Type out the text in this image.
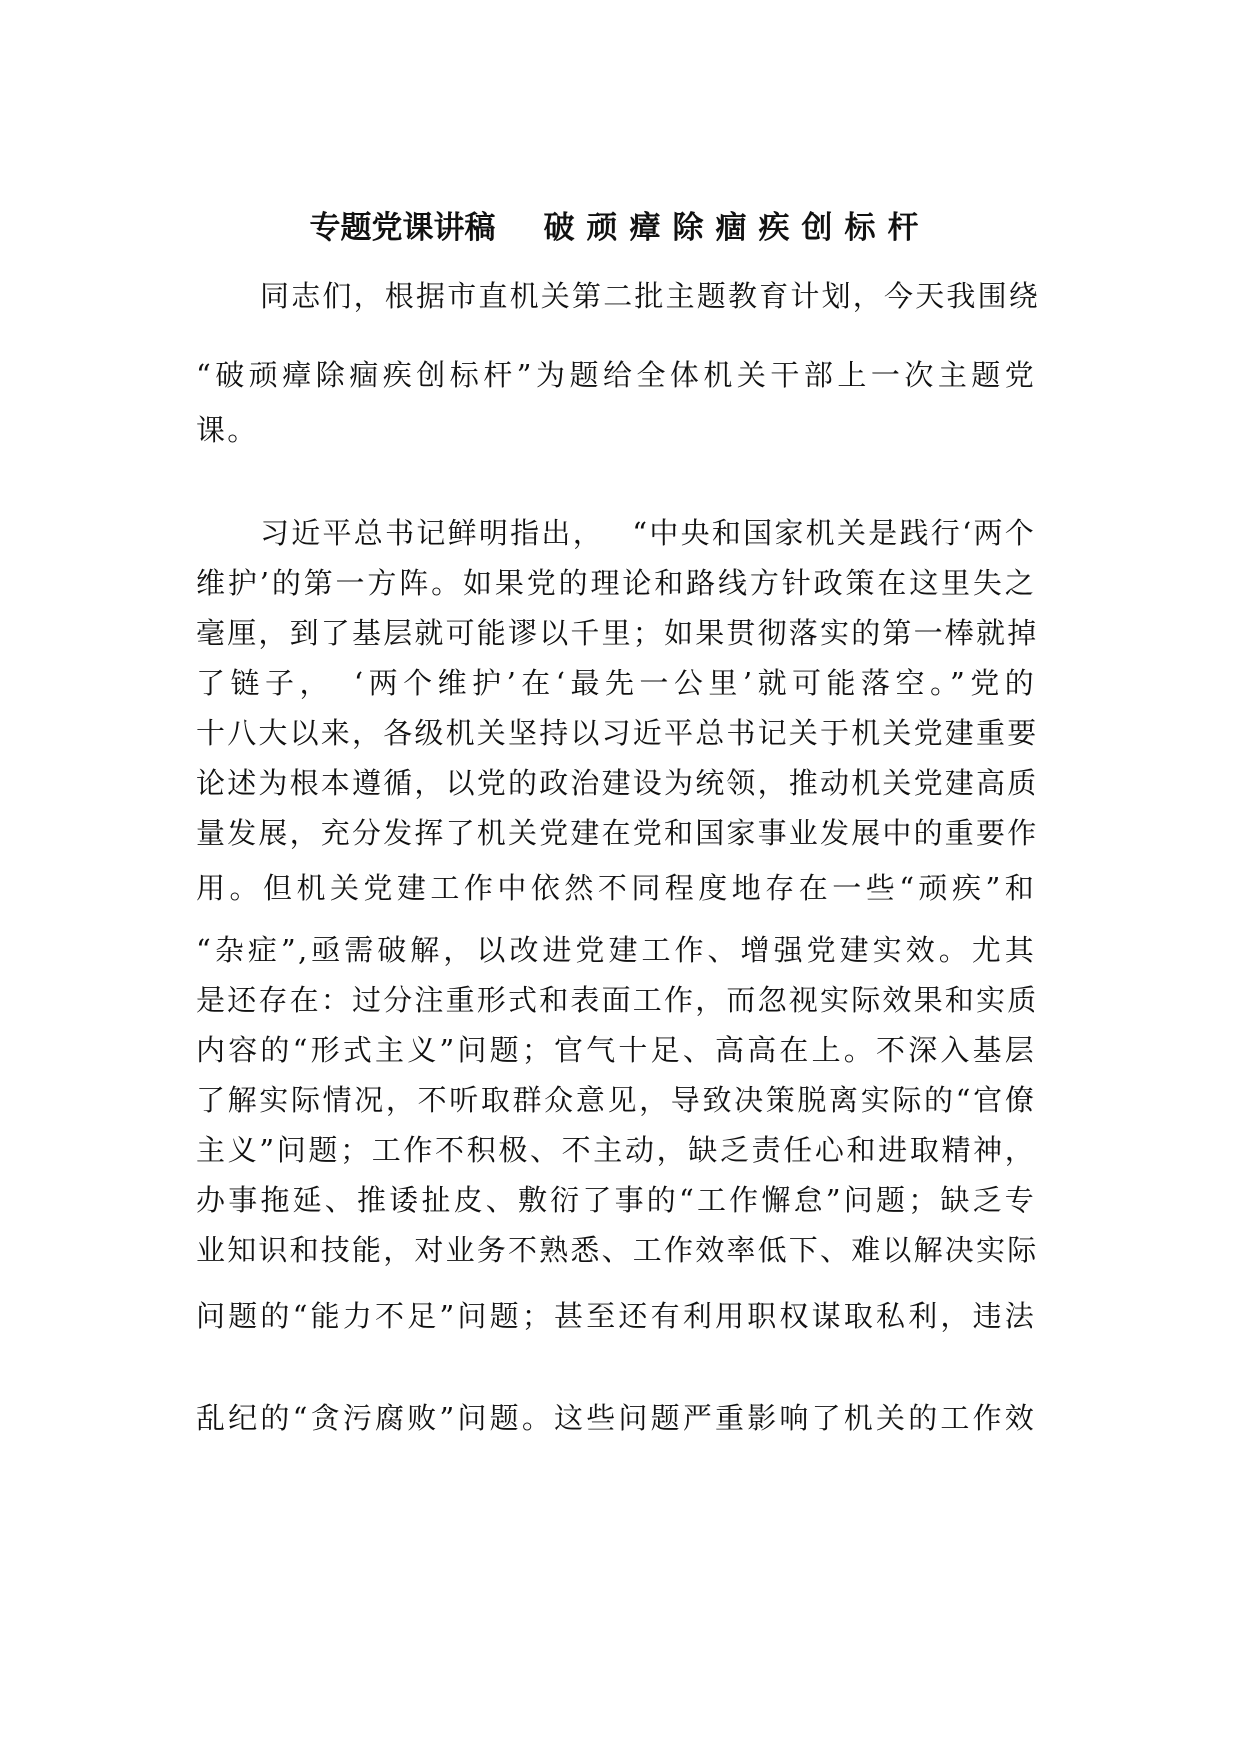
专题党课讲稿 破顽瘴除痼疾创标杆
同志们，根据市直机关第二批主题教育计划，今天我围绕
“破顽瘴除痼疾创标杆”为题给全体机关干部上一次主题党
课。
习近平总书记鲜明指出，　 “中央和国家机关是践行‘两个
维护’的第一方阵。如果党的理论和路线方针政策在这里失之
毫厘，到了基层就可能谬以千里；如果贯彻落实的第一棒就掉
了链子，　‘两个维护’在‘最先一公里’就可能落空。”党的
十八大以来，各级机关坚持以习近平总书记关于机关党建重要
论述为根本遵循，以党的政治建设为统领，推动机关党建高质
量发展，充分发挥了机关党建在党和国家事业发展中的重要作
用。但机关党建工作中依然不同程度地存在一些“顽疾”和
“杂症”,亟需破解，以改进党建工作、增强党建实效。尤其
是还存在：过分注重形式和表面工作，而忽视实际效果和实质
内容的“形式主义”问题；官气十足、高高在上。不深入基层
了解实际情况，不听取群众意见，导致决策脱离实际的“官僚
主义”问题；工作不积极、不主动，缺乏责任心和进取精神，
办事拖延、推诿扯皮、敷衍了事的“工作懈怠”问题；缺乏专
业知识和技能，对业务不熟悉、工作效率低下、难以解决实际
问题的“能力不足”问题；甚至还有利用职权谋取私利，违法
乱纪的“贪污腐败”问题。这些问题严重影响了机关的工作效
